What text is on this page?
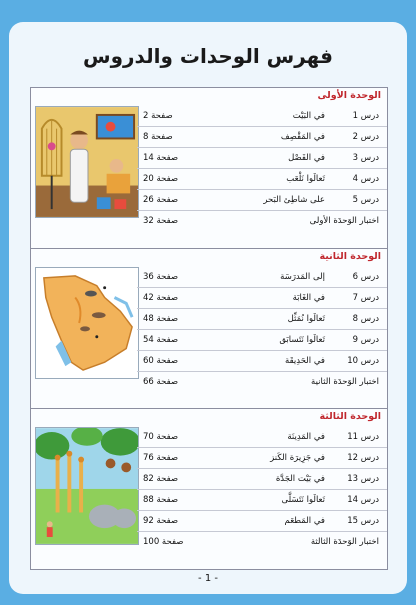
فهرس الوحدات والدروس
الوحدة الأولى
درس 1
في البَيْت
صفحة 2
درس 2
في المَقْصِف
صفحة 8
درس 3
في الفَصْل
صفحة 14
درس 4
تَعالَوا نَلْعَب
صفحة 20
درس 5
على شاطِئ البَحر
صفحة 26
اختبار الوَحدَة الأولى
صفحة 32
الوحدة الثانية
درس 6
إلى المَدرَسَة
صفحة 36
درس 7
في الغَابَة
صفحة 42
درس 8
تَعالَوا نُمَثِّل
صفحة 48
درس 9
تَعالَوا نَتَسابَق
صفحة 54
درس 10
في الحَدِيقَة
صفحة 60
اختبار الوَحدَة الثانية
صفحة 66
الوحدة الثالثة
درس 11
في المَدِينَة
صفحة 70
درس 12
في جَزِيرَة الكَنز
صفحة 76
درس 13
في بَيْت الجَدَّة
صفحة 82
درس 14
تَعالَوا نَتَسَلَّى
صفحة 88
درس 15
في المَطعَم
صفحة 92
اختبار الوَحدَة الثالثة
صفحة 100
- 1 -
